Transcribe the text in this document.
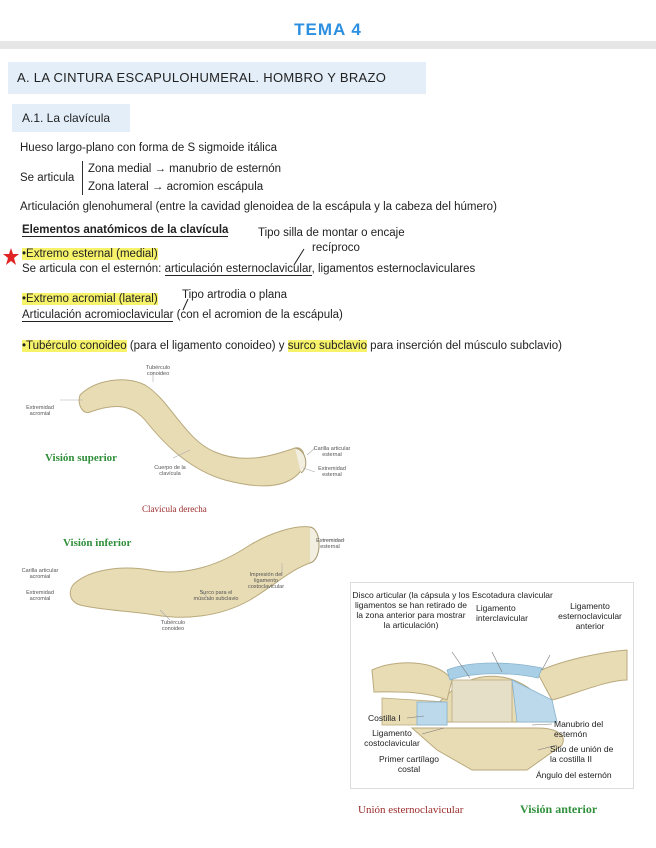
TEMA 4
A. LA CINTURA ESCAPULOHUMERAL. HOMBRO Y BRAZO
A.1. La clavícula
Hueso largo-plano con forma de S sigmoide itálica
Se articula
Zona medial → manubrio de esternón
Zona lateral → acromion escápula
Articulación glenohumeral (entre la cavidad glenoidea de la escápula y la cabeza del húmero)
Elementos anatómicos de la clavícula	Tipo silla de montar o encaje
recíproco
•Extremo esternal (medial)
Se articula con el esternón: articulación esternoclavicular, ligamentos esternoclaviculares
•Extremo acromial (lateral) Tipo artrodia o plana
Articulación acromioclavicular (con el acromion de la escápula)
•Tubérculo conoideo (para el ligamento conoideo) y surco subclavio para inserción del músculo subclavio)
Tubérculo conoideo
Extremidad acromial
Cuerpo de la clavícula
Carilla articular esternal
Extremidad esternal
Visión superior
Clavícula derecha
Carilla articular acromial
Extremidad acromial
Tubérculo conoideo
Surco para el músculo subclavio
Impresión del ligamento costoclavicular
Extremidad esternal
Visión inferior
Disco articular (la cápsula y los ligamentos se han retirado de la zona anterior para mostrar la articulación)
Escotadura clavicular
Ligamento interclavicular
Ligamento esternoclavicular anterior
Costilla I
Ligamento costoclavicular
Primer cartílago costal
Manubrio del esternón
Sitio de unión de la costilla II
Ángulo del esternón
Unión esternoclavicular	Visión anterior
